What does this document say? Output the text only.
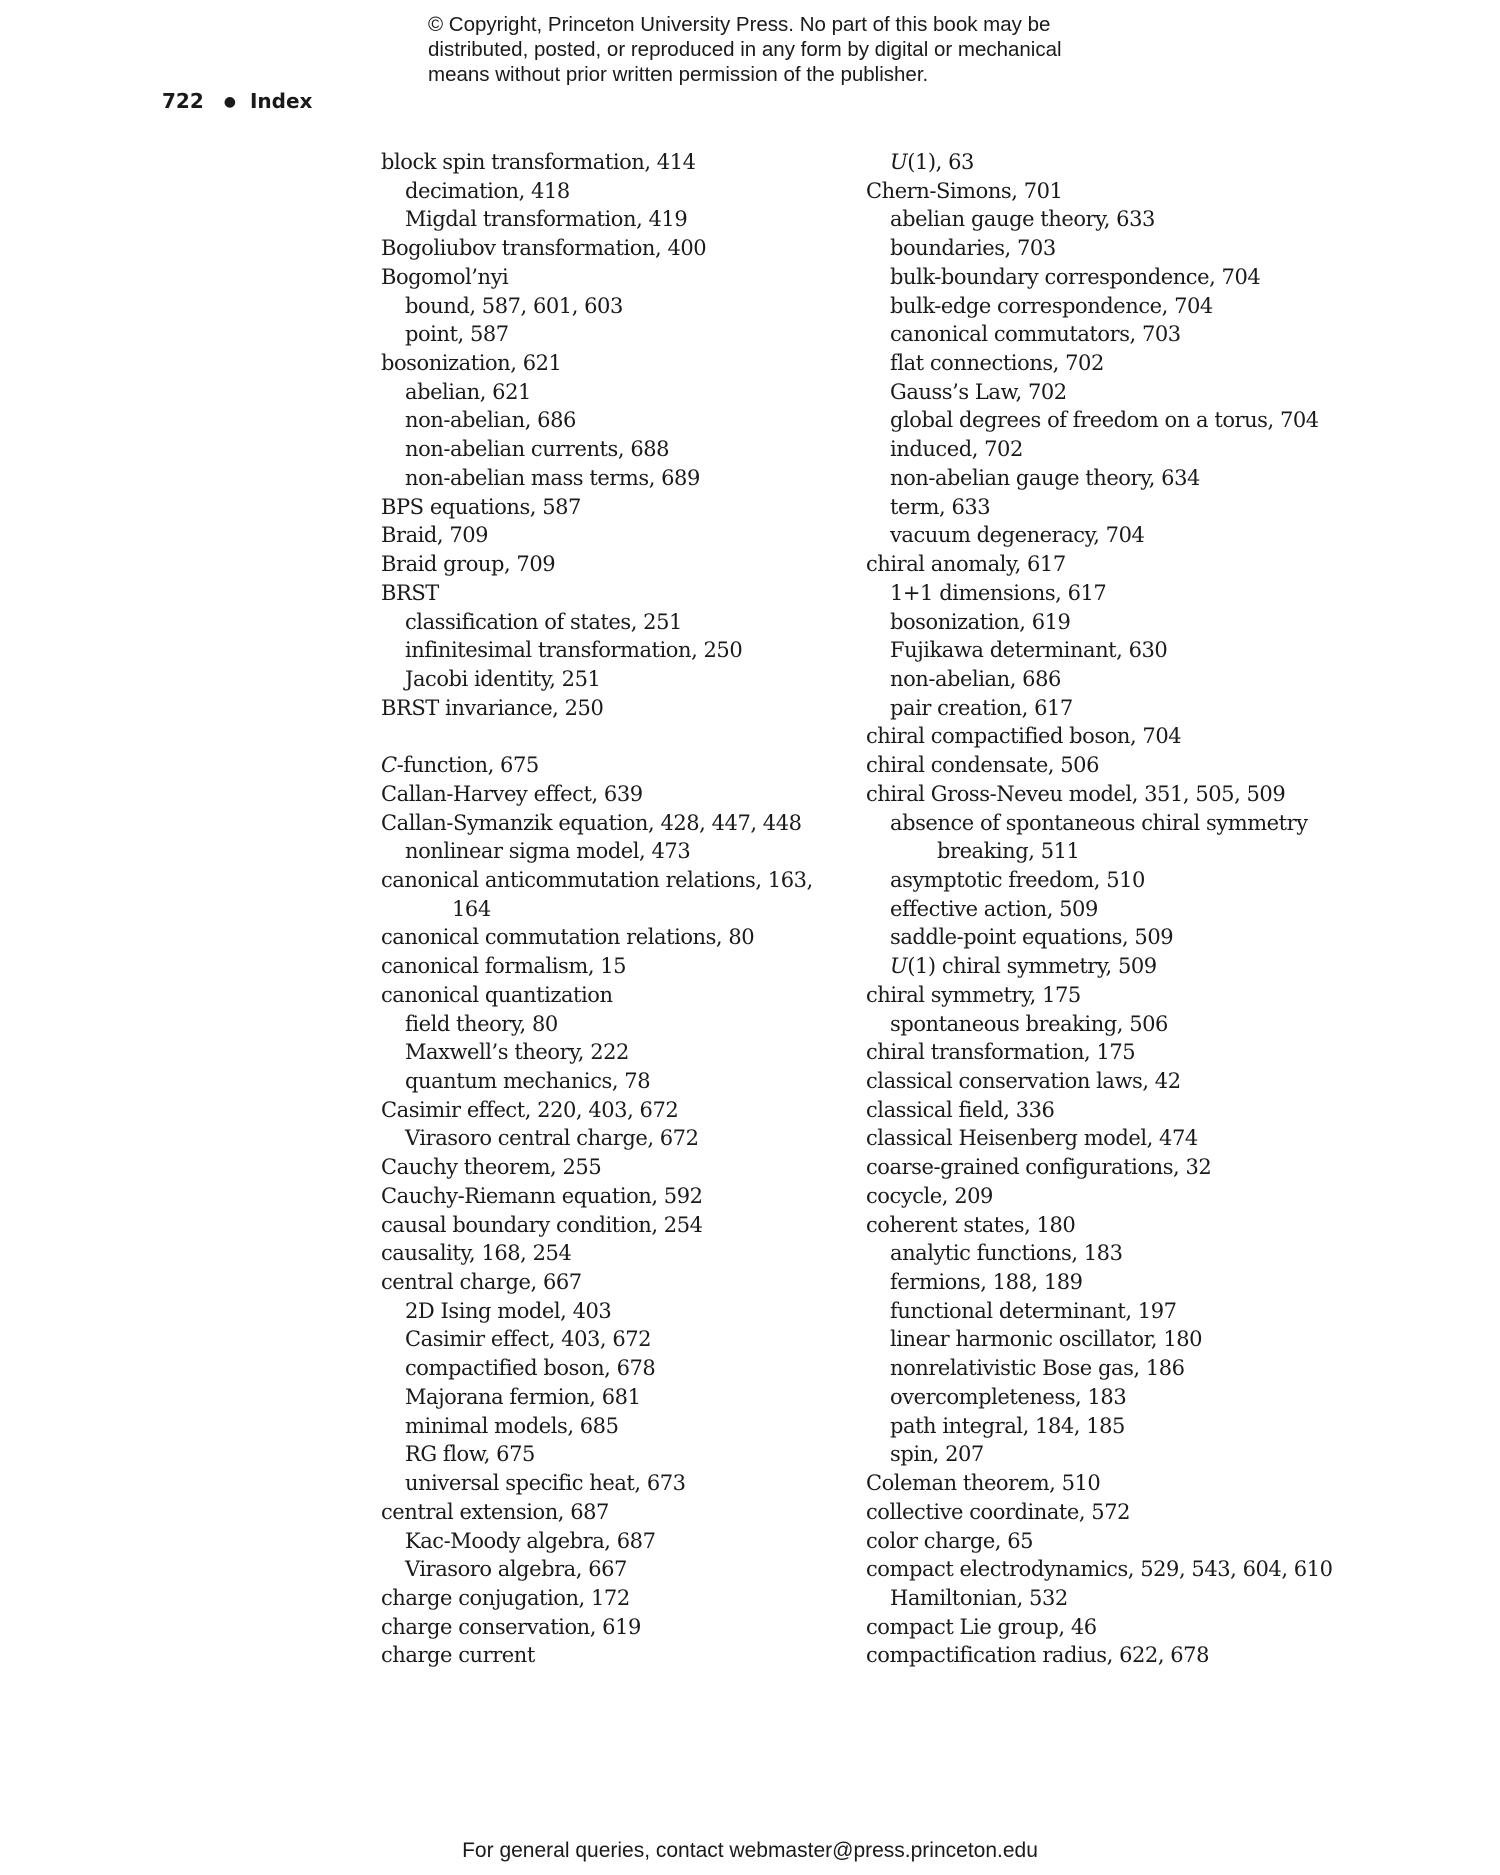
© Copyright, Princeton University Press. No part of this book may be
distributed, posted, or reproduced in any form by digital or mechanical
means without prior written permission of the publisher.
722 ● Index
block spin transformation, 414
decimation, 418
Migdal transformation, 419
Bogoliubov transformation, 400
Bogomol’nyi
bound, 587, 601, 603
point, 587
bosonization, 621
abelian, 621
non-abelian, 686
non-abelian currents, 688
non-abelian mass terms, 689
BPS equations, 587
Braid, 709
Braid group, 709
BRST
classification of states, 251
infinitesimal transformation, 250
Jacobi identity, 251
BRST invariance, 250
C-function, 675
Callan-Harvey effect, 639
Callan-Symanzik equation, 428, 447, 448
nonlinear sigma model, 473
canonical anticommutation relations, 163,
164
canonical commutation relations, 80
canonical formalism, 15
canonical quantization
field theory, 80
Maxwell’s theory, 222
quantum mechanics, 78
Casimir effect, 220, 403, 672
Virasoro central charge, 672
Cauchy theorem, 255
Cauchy-Riemann equation, 592
causal boundary condition, 254
causality, 168, 254
central charge, 667
2D Ising model, 403
Casimir effect, 403, 672
compactified boson, 678
Majorana fermion, 681
minimal models, 685
RG flow, 675
universal specific heat, 673
central extension, 687
Kac-Moody algebra, 687
Virasoro algebra, 667
charge conjugation, 172
charge conservation, 619
charge current
U(1), 63
Chern-Simons, 701
abelian gauge theory, 633
boundaries, 703
bulk-boundary correspondence, 704
bulk-edge correspondence, 704
canonical commutators, 703
flat connections, 702
Gauss’s Law, 702
global degrees of freedom on a torus, 704
induced, 702
non-abelian gauge theory, 634
term, 633
vacuum degeneracy, 704
chiral anomaly, 617
1+1 dimensions, 617
bosonization, 619
Fujikawa determinant, 630
non-abelian, 686
pair creation, 617
chiral compactified boson, 704
chiral condensate, 506
chiral Gross-Neveu model, 351, 505, 509
absence of spontaneous chiral symmetry
breaking, 511
asymptotic freedom, 510
effective action, 509
saddle-point equations, 509
U(1) chiral symmetry, 509
chiral symmetry, 175
spontaneous breaking, 506
chiral transformation, 175
classical conservation laws, 42
classical field, 336
classical Heisenberg model, 474
coarse-grained configurations, 32
cocycle, 209
coherent states, 180
analytic functions, 183
fermions, 188, 189
functional determinant, 197
linear harmonic oscillator, 180
nonrelativistic Bose gas, 186
overcompleteness, 183
path integral, 184, 185
spin, 207
Coleman theorem, 510
collective coordinate, 572
color charge, 65
compact electrodynamics, 529, 543, 604, 610
Hamiltonian, 532
compact Lie group, 46
compactification radius, 622, 678
For general queries, contact webmaster@press.princeton.edu
